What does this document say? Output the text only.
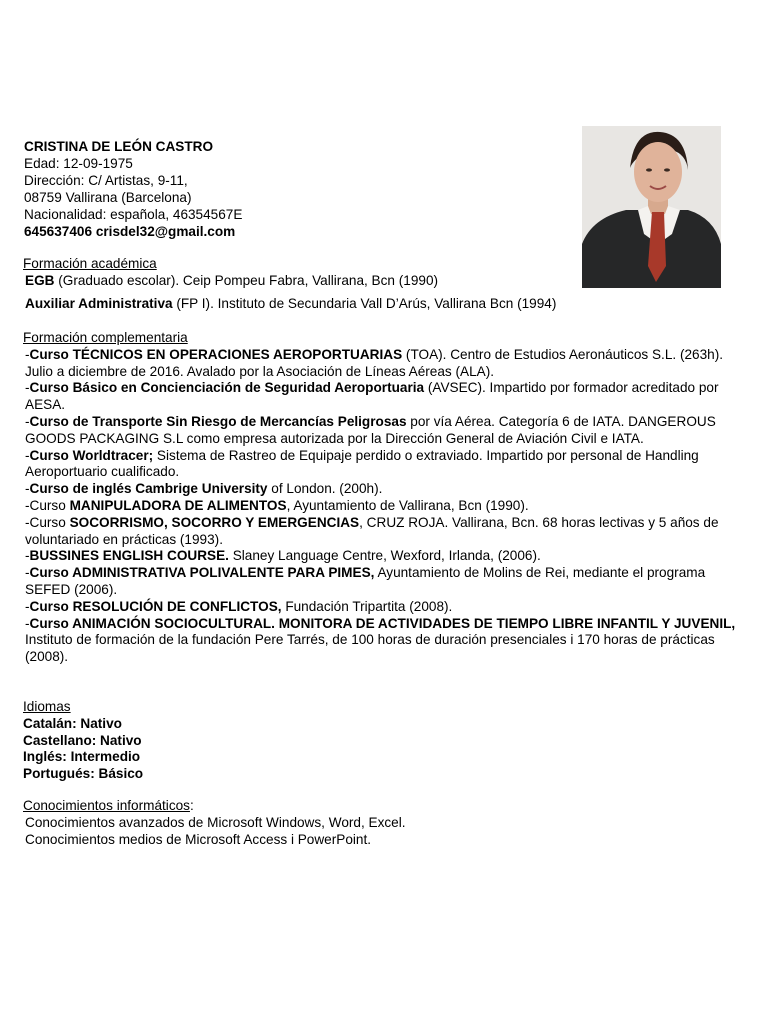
CRISTINA DE LEÓN CASTRO
Edad: 12-09-1975
Dirección: C/ Artistas, 9-11,
08759 Vallirana (Barcelona)
Nacionalidad: española, 46354567E
645637406 crisdel32@gmail.com
Formación académica
EGB (Graduado escolar). Ceip Pompeu Fabra, Vallirana, Bcn (1990)
Auxiliar Administrativa (FP I). Instituto de Secundaria Vall D’Arús, Vallirana Bcn (1994)
Formación complementaria
-Curso TÉCNICOS EN OPERACIONES AEROPORTUARIAS (TOA). Centro de Estudios Aeronáuticos S.L. (263h). Julio a diciembre de 2016. Avalado por la Asociación de Líneas Aéreas (ALA).
-Curso Básico en Concienciación de Seguridad Aeroportuaria (AVSEC). Impartido por formador acreditado por AESA.
-Curso de Transporte Sin Riesgo de Mercancías Peligrosas por vía Aérea. Categoría 6 de IATA. DANGEROUS GOODS PACKAGING S.L como empresa autorizada por la Dirección General de Aviación Civil e IATA.
-Curso Worldtracer; Sistema de Rastreo de Equipaje perdido o extraviado. Impartido por personal de Handling Aeroportuario cualificado.
-Curso de inglés Cambrige University of London. (200h).
-Curso MANIPULADORA DE ALIMENTOS, Ayuntamiento de Vallirana, Bcn (1990).
-Curso SOCORRISMO, SOCORRO Y EMERGENCIAS, CRUZ ROJA. Vallirana, Bcn. 68 horas lectivas y 5 años de voluntariado en prácticas (1993).
-BUSSINES ENGLISH COURSE. Slaney Language Centre, Wexford, Irlanda, (2006).
-Curso ADMINISTRATIVA POLIVALENTE PARA PIMES, Ayuntamiento de Molins de Rei, mediante el programa SEFED (2006).
-Curso RESOLUCIÓN DE CONFLICTOS, Fundación Tripartita (2008).
-Curso ANIMACIÓN SOCIOCULTURAL. MONITORA DE ACTIVIDADES DE TIEMPO LIBRE INFANTIL Y JUVENIL, Instituto de formación de la fundación Pere Tarrés, de 100 horas de duración presenciales i 170 horas de prácticas (2008).
Idiomas
Catalán: Nativo
Castellano: Nativo
Inglés: Intermedio
Portugués: Básico
Conocimientos informáticos:
Conocimientos avanzados de Microsoft Windows, Word, Excel.
Conocimientos medios de Microsoft Access i PowerPoint.
